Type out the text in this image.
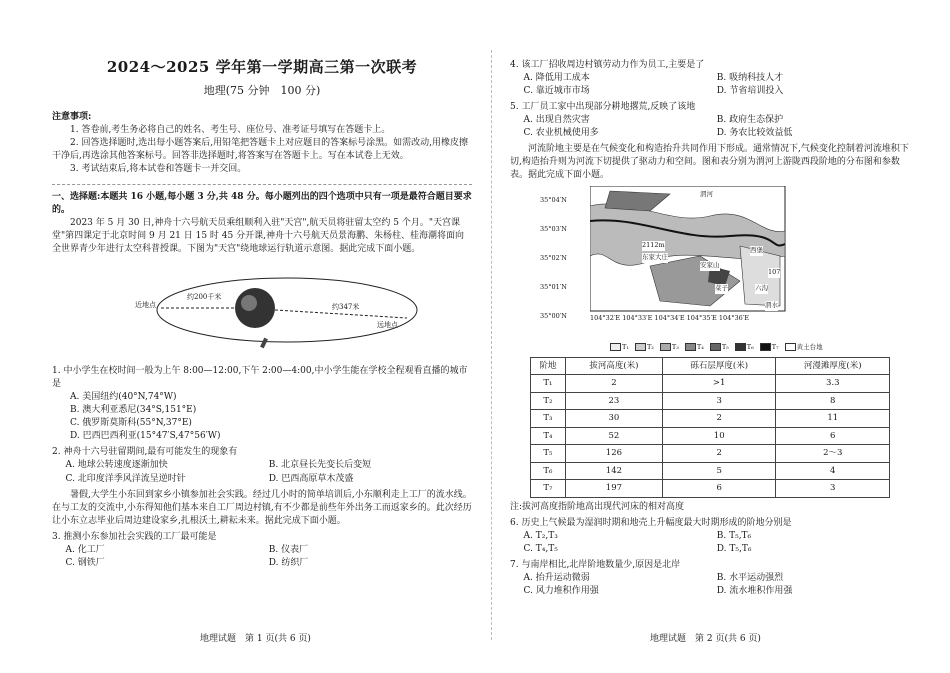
2024～2025 学年第一学期高三第一次联考
地理(75 分钟　100 分)
注意事项:
1. 答卷前,考生务必将自己的姓名、考生号、座位号、准考证号填写在答题卡上。
2. 回答选择题时,选出每小题答案后,用铅笔把答题卡上对应题目的答案标号涂黑。如需改动,用橡皮擦干净后,再选涂其他答案标号。回答非选择题时,将答案写在答题卡上。写在本试卷上无效。
3. 考试结束后,将本试卷和答题卡一并交回。
一、选择题:本题共 16 小题,每小题 3 分,共 48 分。每小题列出的四个选项中只有一项是最符合题目要求的。
2023 年 5 月 30 日,神舟十六号航天员乘组顺利入驻"天宫",航天员将驻留太空约 5 个月。"天宫课堂"第四课定于北京时间 9 月 21 日 15 时 45 分开课,神舟十六号航天员景海鹏、朱杨柱、桂海潮将面向全世界青少年进行太空科普授课。下图为"天宫"绕地球运行轨道示意图。据此完成下面小题。
近地点
远地点
约200千米
约347米
1. 中小学生在校时间一般为上午 8:00—12:00,下午 2:00—4:00,中小学生能在学校全程观看直播的城市是
A. 美国纽约(40°N,74°W)
B. 澳大利亚悉尼(34°S,151°E)
C. 俄罗斯莫斯科(55°N,37°E)
D. 巴西巴西利亚(15°47′S,47°56′W)
2. 神舟十六号驻留期间,最有可能发生的现象有
A. 地球公转速度逐渐加快	B. 北京昼长先变长后变短
C. 北印度洋季风洋流呈逆时针	D. 巴西高原草木茂盛
暑假,大学生小东回到家乡小镇参加社会实践。经过几小时的简单培训后,小东顺利走上工厂的流水线。在与工友的交流中,小东得知他们基本来自工厂周边村镇,有不少都是前些年外出务工而返家乡的。此次经历让小东立志毕业后周边建设家乡,扎根沃土,耕耘未来。据此完成下面小题。
3. 推测小东参加社会实践的工厂最可能是
A. 化工厂	B. 仪表厂
C. 钢铁厂	D. 纺织厂
地理试题　第 1 页(共 6 页)
4. 该工厂招收周边村镇劳动力作为员工,主要是了
A. 降低用工成本	B. 吸纳科技人才
C. 靠近城市市场	D. 节省培训投入
5. 工厂员工家中出现部分耕地撂荒,反映了该地
A. 出现自然灾害	B. 政府生态保护
C. 农业机械使用多	D. 务农比较效益低
河流阶地主要是在气候变化和构造抬升共同作用下形成。通常情况下,气候变化控制着河流堆积下切,构造抬升则为河流下切提供了驱动力和空间。图和表分别为渭河上游陇西段阶地的分布图和参数表。据此完成下面小题。
35°04′N
35°03′N
35°02′N
35°01′N
35°00′N
渭河
2112m
东家大庄
安家山
西堡
菜子	六沟
渭水
107
104°32′E 104°33′E 104°34′E 104°35′E 104°36′E
T₁	T₂	T₃	T₄	T₅	T₆	T₇	黄土台地
阶地	拔河高度(米)	砾石层厚度(米)	河漫滩厚度(米)
T₁	2	>1	3.3
T₂	23	3	8
T₃	30	2	11
T₄	52	10	6
T₅	126	2	2～3
T₆	142	5	4
T₇	197	6	3
注:拔河高度指阶地高出现代河床的相对高度
6. 历史上气候最为湿润时期和地壳上升幅度最大时期形成的阶地分别是
A. T₂,T₃	B. T₅,T₆
C. T₄,T₅	D. T₅,T₆
7. 与南岸相比,北岸阶地数量少,原因是北岸
A. 抬升运动微弱	B. 水平运动强烈
C. 风力堆积作用强	D. 流水堆积作用强
地理试题　第 2 页(共 6 页)
